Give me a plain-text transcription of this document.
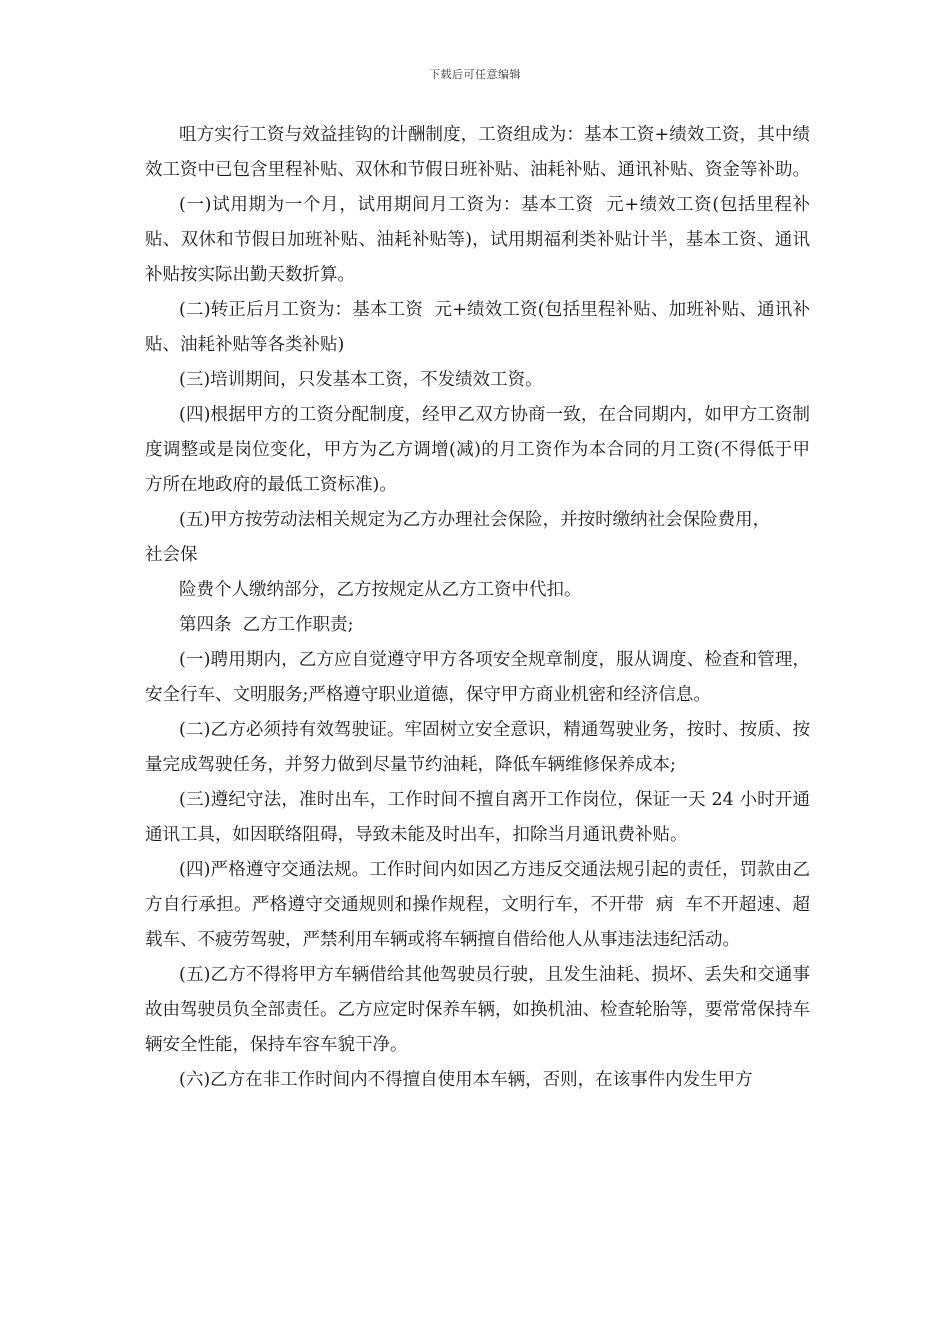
下载后可任意编辑

咀方实行工资与效益挂钩的计酬制度，工资组成为：基本工资+绩效工资，其中绩效工资中已包含里程补贴、双休和节假日班补贴、油耗补贴、通讯补贴、资金等补助。

(一)试用期为一个月，试用期间月工资为：基本工资  元+绩效工资(包括里程补贴、双休和节假日加班补贴、油耗补贴等)，试用期福利类补贴计半，基本工资、通讯补贴按实际出勤天数折算。

(二)转正后月工资为：基本工资  元+绩效工资(包括里程补贴、加班补贴、通讯补贴、油耗补贴等各类补贴)

(三)培训期间，只发基本工资，不发绩效工资。

(四)根据甲方的工资分配制度，经甲乙双方协商一致，在合同期内，如甲方工资制度调整或是岗位变化，甲方为乙方调增(减)的月工资作为本合同的月工资(不得低于甲方所在地政府的最低工资标准)。

(五)甲方按劳动法相关规定为乙方办理社会保险，并按时缴纳社会保险费用，

社会保

险费个人缴纳部分，乙方按规定从乙方工资中代扣。

第四条  乙方工作职责;

(一)聘用期内，乙方应自觉遵守甲方各项安全规章制度，服从调度、检查和管理，安全行车、文明服务;严格遵守职业道德，保守甲方商业机密和经济信息。

(二)乙方必须持有效驾驶证。牢固树立安全意识，精通驾驶业务，按时、按质、按量完成驾驶任务，并努力做到尽量节约油耗，降低车辆维修保养成本;

(三)遵纪守法，准时出车，工作时间不擅自离开工作岗位，保证一天 24 小时开通通讯工具，如因联络阻碍，导致未能及时出车，扣除当月通讯费补贴。

(四)严格遵守交通法规。工作时间内如因乙方违反交通法规引起的责任，罚款由乙方自行承担。严格遵守交通规则和操作规程，文明行车，不开带  病  车不开超速、超载车、不疲劳驾驶，严禁利用车辆或将车辆擅自借给他人从事违法违纪活动。

(五)乙方不得将甲方车辆借给其他驾驶员行驶，且发生油耗、损坏、丢失和交通事故由驾驶员负全部责任。乙方应定时保养车辆，如换机油、检查轮胎等，要常常保持车辆安全性能，保持车容车貌干净。

(六)乙方在非工作时间内不得擅自使用本车辆，否则，在该事件内发生甲方
